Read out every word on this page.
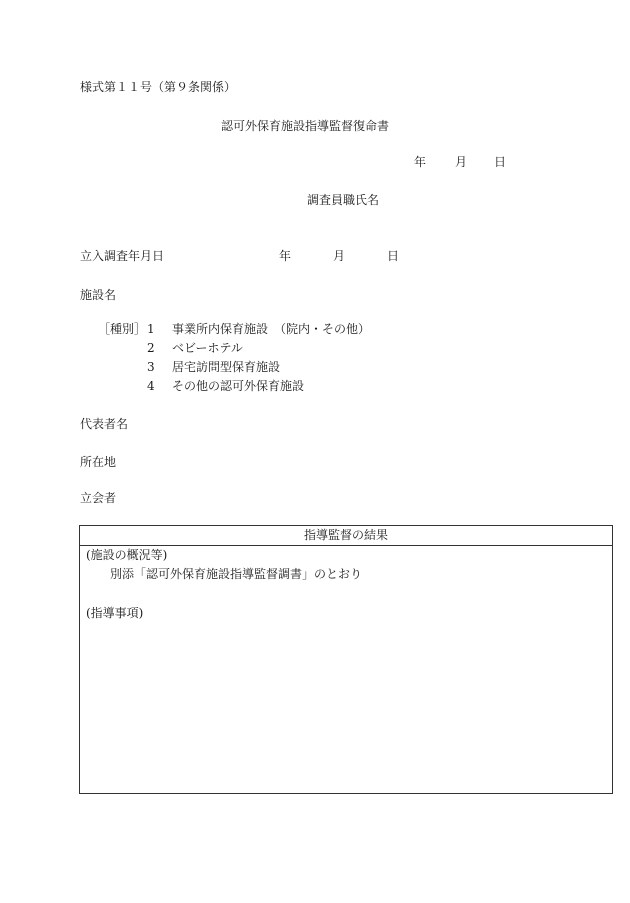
様式第１１号（第９条関係）
認可外保育施設指導監督復命書
年 月 日
調査員職氏名
立入調査年月日	年	月	日
施設名
［種別］ 1 事業所内保育施設　（院内・その他）
2 ベビーホテル
3 居宅訪問型保育施設
4 その他の認可外保育施設
代表者名
所在地
立会者
指導監督の結果
(施設の概況等)
別添「認可外保育施設指導監督調書」のとおり
(指導事項)
